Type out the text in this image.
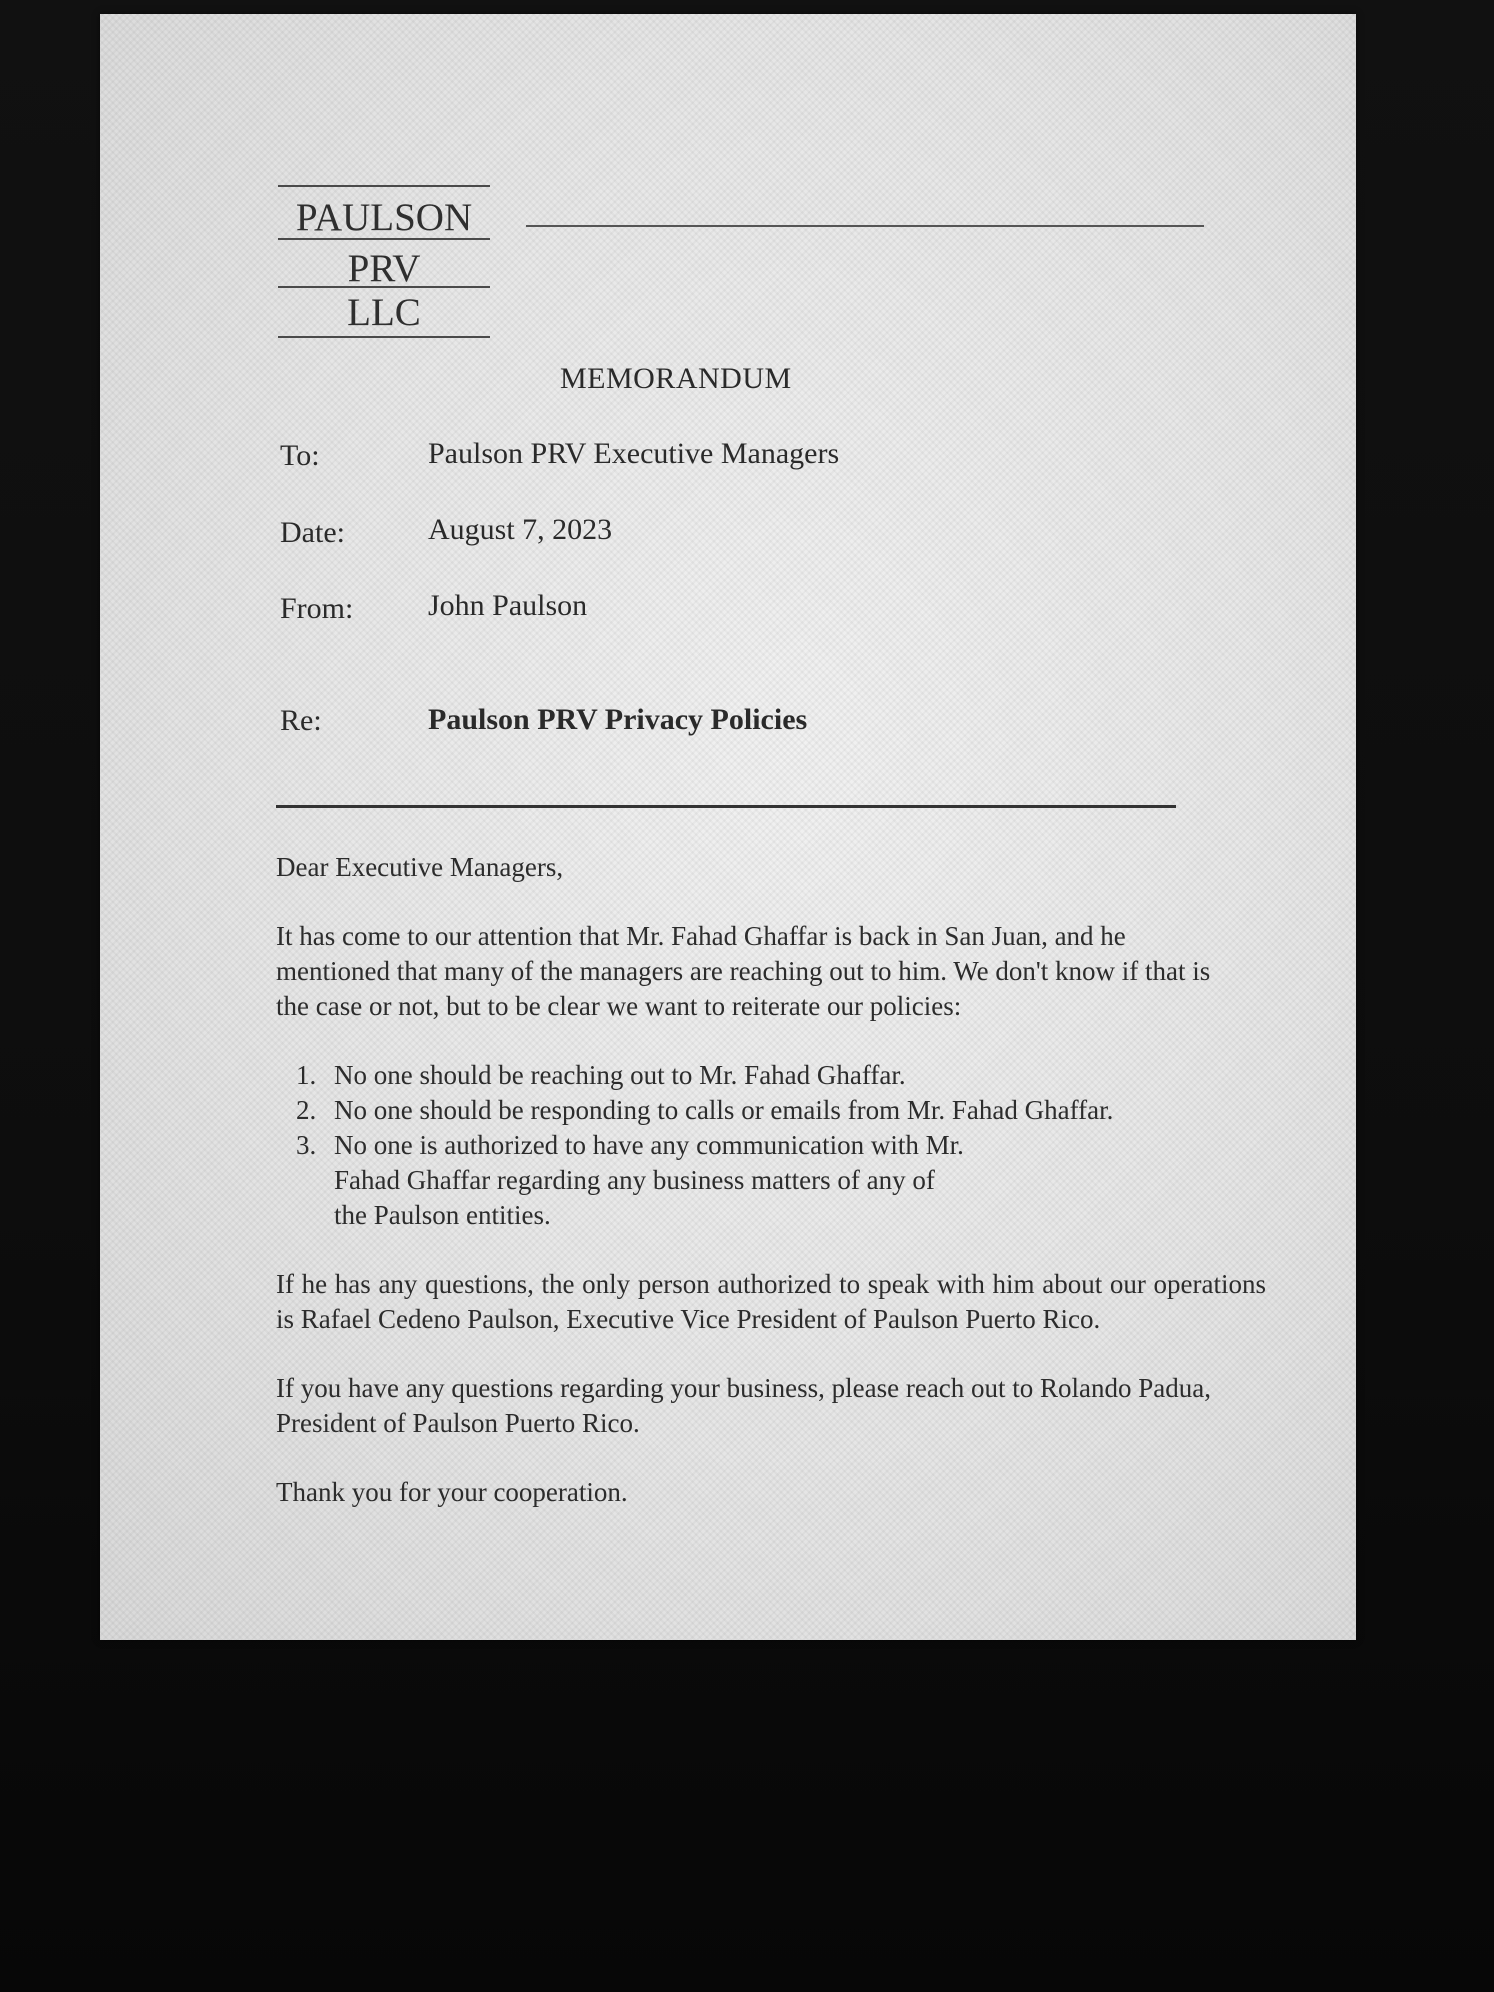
PAULSON
PRV
LLC
MEMORANDUM
To:	Paulson PRV Executive Managers
Date:	August 7, 2023
From: John Paulson
Re:	Paulson PRV Privacy Policies

Dear Executive Managers,

It has come to our attention that Mr. Fahad Ghaffar is back in San Juan, and he mentioned that many of the managers are reaching out to him. We don't know if that is the case or not, but to be clear we want to reiterate our policies:

1. No one should be reaching out to Mr. Fahad Ghaffar.
2. No one should be responding to calls or emails from Mr. Fahad Ghaffar.
3. No one is authorized to have any communication with Mr. Fahad Ghaffar regarding any business matters of any of the Paulson entities.

If he has any questions, the only person authorized to speak with him about our operations is Rafael Cedeno Paulson, Executive Vice President of Paulson Puerto Rico.

If you have any questions regarding your business, please reach out to Rolando Padua, President of Paulson Puerto Rico.

Thank you for your cooperation.
